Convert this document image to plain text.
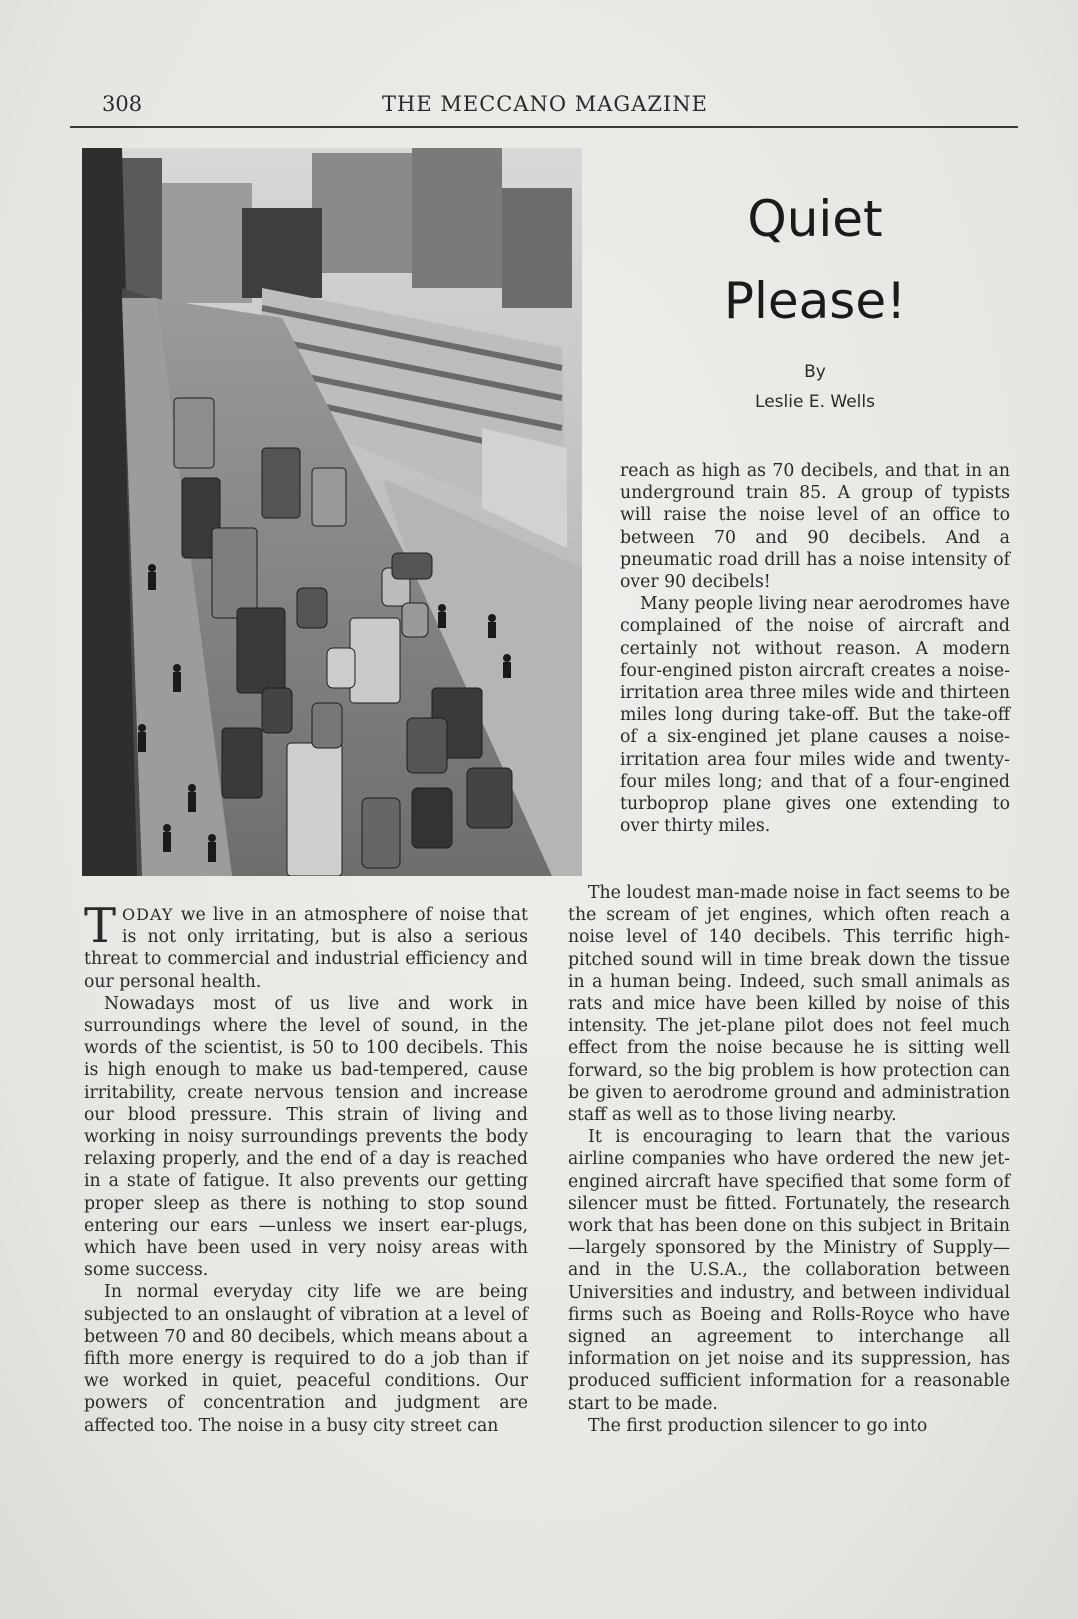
308	THE MECCANO MAGAZINE
Quiet
Please!
By
Leslie E. Wells

reach as high as 70 decibels, and that in an underground train 85. A group of typists will raise the noise level of an office to between 70 and 90 decibels. And a pneumatic road drill has a noise intensity of over 90 decibels!

Many people living near aerodromes have complained of the noise of aircraft and certainly not without reason. A modern four-engined piston aircraft creates a noise-irritation area three miles wide and thirteen miles long during take-off. But the take-off of a six-engined jet plane causes a noise-irritation area four miles wide and twenty-four miles long; and that of a four-engined turboprop plane gives one extending to over thirty miles.

TODAY we live in an atmosphere of noise that is not only irritating, but is also a serious threat to commercial and industrial efficiency and our personal health.

Nowadays most of us live and work in surroundings where the level of sound, in the words of the scientist, is 50 to 100 decibels. This is high enough to make us bad-tempered, cause irritability, create nervous tension and increase our blood pressure. This strain of living and working in noisy surroundings prevents the body relaxing properly, and the end of a day is reached in a state of fatigue. It also prevents our getting proper sleep as there is nothing to stop sound entering our ears —unless we insert ear-plugs, which have been used in very noisy areas with some success.

In normal everyday city life we are being subjected to an onslaught of vibration at a level of between 70 and 80 decibels, which means about a fifth more energy is required to do a job than if we worked in quiet, peaceful conditions. Our powers of concentration and judgment are affected too. The noise in a busy city street can

The loudest man-made noise in fact seems to be the scream of jet engines, which often reach a noise level of 140 decibels. This terrific high-pitched sound will in time break down the tissue in a human being. Indeed, such small animals as rats and mice have been killed by noise of this intensity. The jet-plane pilot does not feel much effect from the noise because he is sitting well forward, so the big problem is how protection can be given to aerodrome ground and administration staff as well as to those living nearby.

It is encouraging to learn that the various airline companies who have ordered the new jet-engined aircraft have specified that some form of silencer must be fitted. Fortunately, the research work that has been done on this subject in Britain—largely sponsored by the Ministry of Supply—and in the U.S.A., the collaboration between Universities and industry, and between individual firms such as Boeing and Rolls-Royce who have signed an agreement to interchange all information on jet noise and its suppression, has produced sufficient information for a reasonable start to be made.

The first production silencer to go into
